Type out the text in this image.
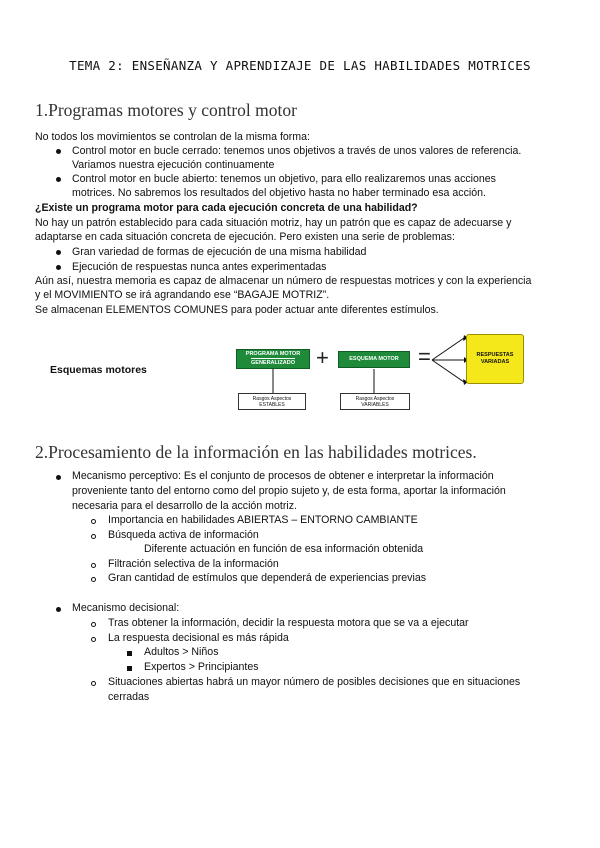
TEMA 2: ENSEÑANZA Y APRENDIZAJE DE LAS HABILIDADES MOTRICES
1.Programas motores y control motor
No todos los movimientos se controlan de la misma forma:
Control motor en bucle cerrado: tenemos unos objetivos a través de unos valores de referencia.
Variamos nuestra ejecución continuamente
Control motor en bucle abierto: tenemos un objetivo, para ello realizaremos unas acciones
motrices. No sabremos los resultados del objetivo hasta no haber terminado esa acción.
¿Existe un programa motor para cada ejecución concreta de una habilidad?
No hay un patrón establecido para cada situación motriz, hay un patrón que es capaz de adecuarse y
adaptarse en cada situación concreta de ejecución. Pero existen una serie de problemas:
Gran variedad de formas de ejecución de una misma habilidad
Ejecución de respuestas nunca antes experimentadas
Aún así, nuestra memoria es capaz de almacenar un número de respuestas motrices y con la experiencia
y el MOVIMIENTO se irá agrandando ese “BAGAJE MOTRIZ”.
Se almacenan ELEMENTOS COMUNES para poder actuar ante diferentes estímulos.
Esquemas motores
PROGRAMA MOTOR
GENERALIZADO +	ESQUEMA MOTOR =	RESPUESTAS
VARIADAS
Rasgos Aspectos
ESTABLES
Rasgos Aspectos
VARIABLES
2.Procesamiento de la información en las habilidades motrices.
Mecanismo perceptivo: Es el conjunto de procesos de obtener e interpretar la información
proveniente tanto del entorno como del propio sujeto y, de esta forma, aportar la información
necesaria para el desarrollo de la acción motriz.
Importancia en habilidades ABIERTAS – ENTORNO CAMBIANTE
Búsqueda activa de información
Diferente actuación en función de esa información obtenida
Filtración selectiva de la información
Gran cantidad de estímulos que dependerá de experiencias previas
Mecanismo decisional:
Tras obtener la información, decidir la respuesta motora que se va a ejecutar
La respuesta decisional es más rápida
Adultos > Niños
Expertos > Principiantes
Situaciones abiertas habrá un mayor número de posibles decisiones que en situaciones
cerradas
